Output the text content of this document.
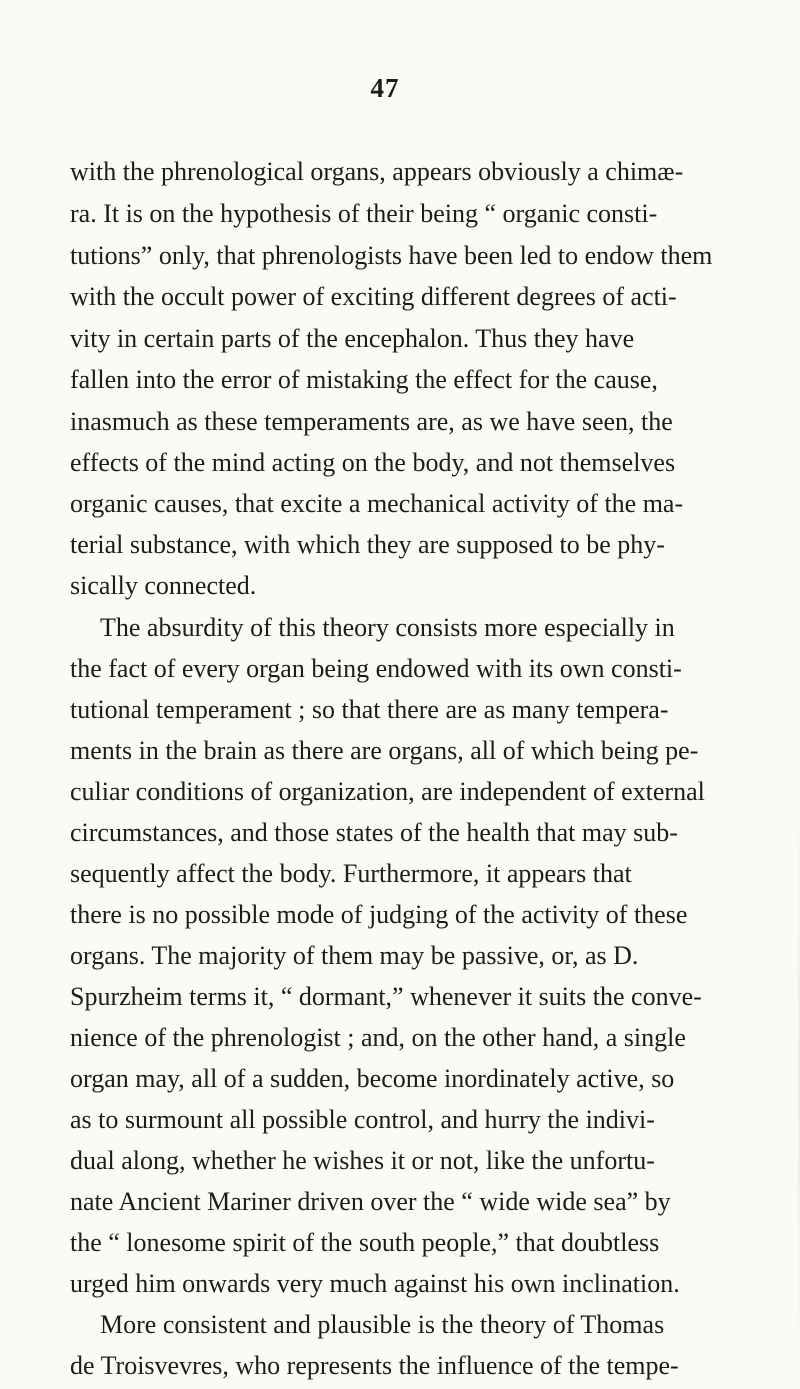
47
with the phrenological organs, appears obviously a chimæ-
ra. It is on the hypothesis of their being “ organic consti-
tutions” only, that phrenologists have been led to endow them
with the occult power of exciting different degrees of acti-
vity in certain parts of the encephalon. Thus they have
fallen into the error of mistaking the effect for the cause,
inasmuch as these temperaments are, as we have seen, the
effects of the mind acting on the body, and not themselves
organic causes, that excite a mechanical activity of the ma-
terial substance, with which they are supposed to be phy-
sically connected.
The absurdity of this theory consists more especially in
the fact of every organ being endowed with its own consti-
tutional temperament ; so that there are as many tempera-
ments in the brain as there are organs, all of which being pe-
culiar conditions of organization, are independent of external
circumstances, and those states of the health that may sub-
sequently affect the body. Furthermore, it appears that
there is no possible mode of judging of the activity of these
organs. The majority of them may be passive, or, as D.
Spurzheim terms it, “ dormant,” whenever it suits the conve-
nience of the phrenologist ; and, on the other hand, a single
organ may, all of a sudden, become inordinately active, so
as to surmount all possible control, and hurry the indivi-
dual along, whether he wishes it or not, like the unfortu-
nate Ancient Mariner driven over the “ wide wide sea” by
the “ lonesome spirit of the south people,” that doubtless
urged him onwards very much against his own inclination.
More consistent and plausible is the theory of Thomas
de Troisvevres, who represents the influence of the tempe-
